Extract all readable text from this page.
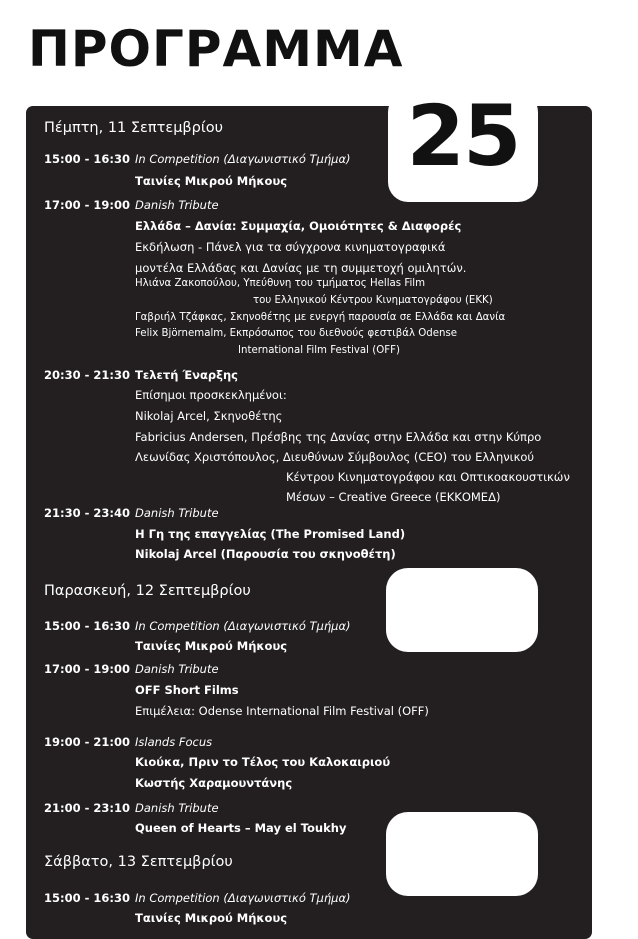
ΠΡΟΓΡΑΜΜΑ
25
Πέμπτη, 11 Σεπτεμβρίου
15:00 - 16:30 In Competition (Διαγωνιστικό Τμήμα)
Ταινίες Μικρού Μήκους
17:00 - 19:00 Danish Tribute
Ελλάδα – Δανία: Συμμαχία, Ομοιότητες & Διαφορές
Εκδήλωση - Πάνελ για τα σύγχρονα κινηματογραφικά
μοντέλα Ελλάδας και Δανίας με τη συμμετοχή ομιλητών.
Ηλιάνα Ζακοπούλου, Υπεύθυνη του τμήματος Hellas Film
του Ελληνικού Κέντρου Κινηματογράφου (ΕΚΚ)
Γαβριήλ Τζάφκας, Σκηνοθέτης με ενεργή παρουσία σε Ελλάδα και Δανία
Felix Björnemalm, Εκπρόσωπος του διεθνούς φεστιβάλ Odense
International Film Festival (OFF)
20:30 - 21:30 Τελετή Έναρξης
Επίσημοι προσκεκλημένοι:
Nikolaj Arcel, Σκηνοθέτης
Fabricius Andersen, Πρέσβης της Δανίας στην Ελλάδα και στην Κύπρο
Λεωνίδας Χριστόπουλος, Διευθύνων Σύμβουλος (CEO) του Ελληνικού
Κέντρου Κινηματογράφου και Οπτικοακουστικών
Μέσων – Creative Greece (ΕΚΚΟΜΕΔ)
21:30 - 23:40 Danish Tribute
Η Γη της επαγγελίας (The Promised Land)
Nikolaj Arcel (Παρουσία του σκηνοθέτη)
Παρασκευή, 12 Σεπτεμβρίου
15:00 - 16:30 In Competition (Διαγωνιστικό Τμήμα)
Ταινίες Μικρού Μήκους
17:00 - 19:00 Danish Tribute
OFF Short Films
Επιμέλεια: Odense International Film Festival (OFF)
19:00 - 21:00 Islands Focus
Κιούκα, Πριν το Τέλος του Καλοκαιριού
Κωστής Χαραμουντάνης
21:00 - 23:10 Danish Tribute
Queen of Hearts – May el Toukhy
Σάββατο, 13 Σεπτεμβρίου
15:00 - 16:30 In Competition (Διαγωνιστικό Τμήμα)
Ταινίες Μικρού Μήκους
